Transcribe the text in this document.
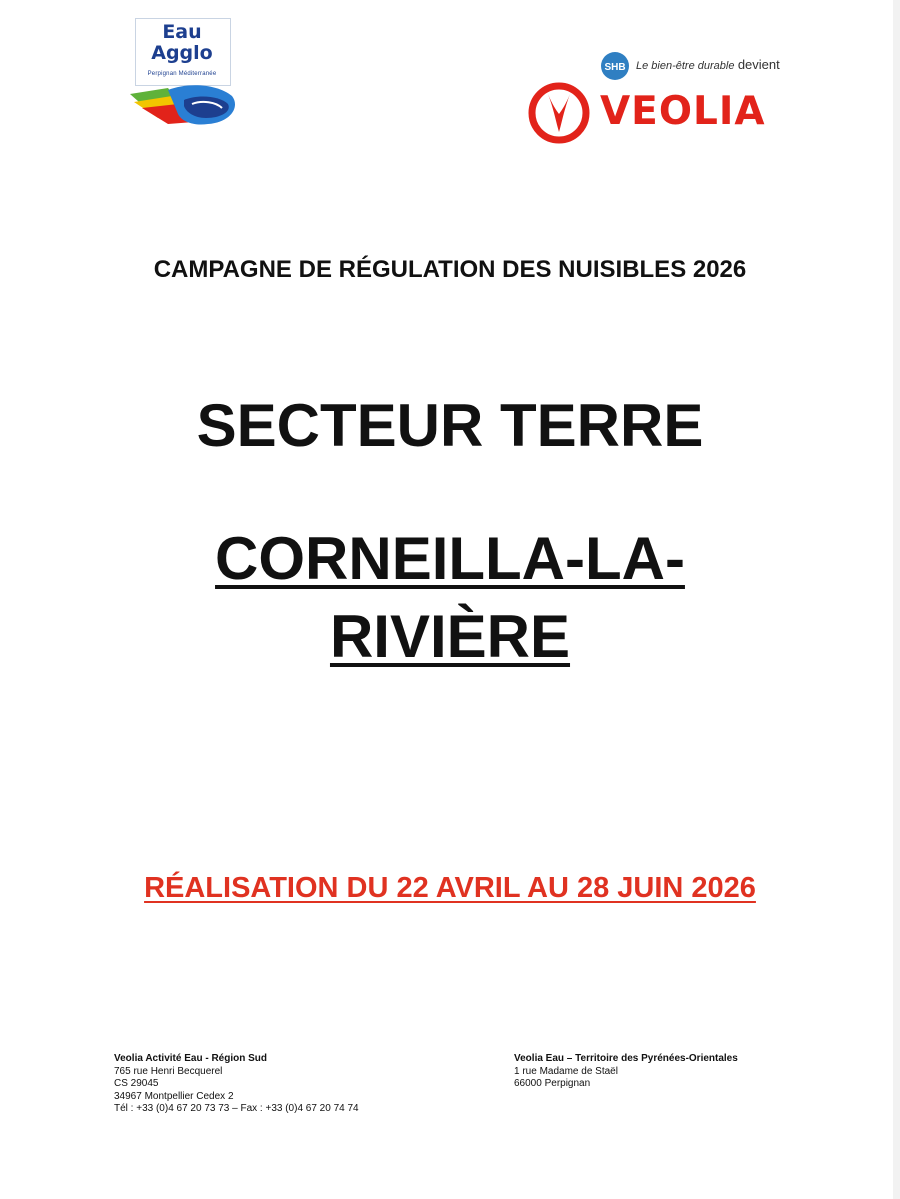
Eau
Agglo
Perpignan Méditerranée
SHB Le bien-être durable devient
VEOLIA
CAMPAGNE DE RÉGULATION DES NUISIBLES 2026
SECTEUR TERRE
CORNEILLA-LA-
RIVIÈRE
RÉALISATION DU 22 AVRIL AU 28 JUIN 2026
Veolia Activité Eau - Région Sud
765 rue Henri Becquerel
CS 29045
34967 Montpellier Cedex 2
Tél : +33 (0)4 67 20 73 73 – Fax : +33 (0)4 67 20 74 74
Veolia Eau – Territoire des Pyrénées-Orientales
1 rue Madame de Staël
66000 Perpignan
